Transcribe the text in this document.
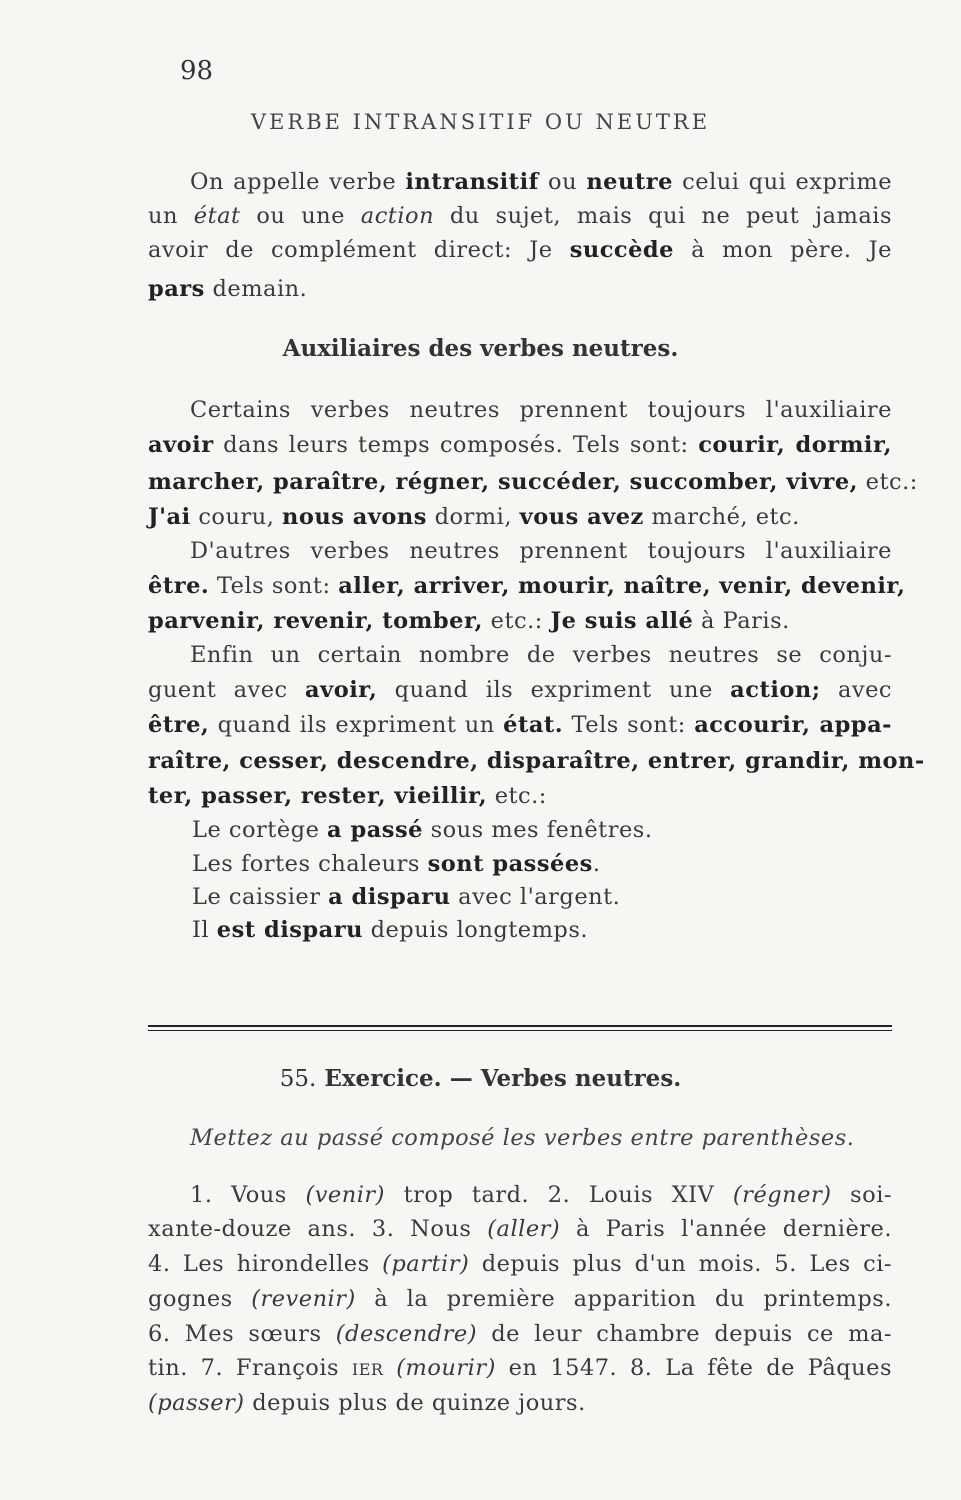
98
VERBE INTRANSITIF OU NEUTRE

On appelle verbe intransitif ou neutre celui qui exprime

un état ou une action du sujet, mais qui ne peut jamais

avoir de complément direct: Je succède à mon père. Je

pars demain.

Auxiliaires des verbes neutres.

Certains verbes neutres prennent toujours l'auxiliaire

avoir dans leurs temps composés. Tels sont: courir, dormir,

marcher, paraître, régner, succéder, succomber, vivre, etc.:

J'ai couru, nous avons dormi, vous avez marché, etc.

D'autres verbes neutres prennent toujours l'auxiliaire

être. Tels sont: aller, arriver, mourir, naître, venir, devenir,

parvenir, revenir, tomber, etc.: Je suis allé à Paris.

Enfin un certain nombre de verbes neutres se conju-

guent avec avoir, quand ils expriment une action; avec

être, quand ils expriment un état. Tels sont: accourir, appa-

raître, cesser, descendre, disparaître, entrer, grandir, mon-

ter, passer, rester, vieillir, etc.:

Le cortège a passé sous mes fenêtres.

Les fortes chaleurs sont passées.

Le caissier a disparu avec l'argent.

Il est disparu depuis longtemps.

55. Exercice. — Verbes neutres.
Mettez au passé composé les verbes entre parenthèses.

1. Vous (venir) trop tard. 2. Louis XIV (régner) soi-

xante-douze ans. 3. Nous (aller) à Paris l'année dernière.

4. Les hirondelles (partir) depuis plus d'un mois. 5. Les ci-

gognes (revenir) à la première apparition du printemps.

6. Mes sœurs (descendre) de leur chambre depuis ce ma-

tin. 7. François ier (mourir) en 1547. 8. La fête de Pâques

(passer) depuis plus de quinze jours.
